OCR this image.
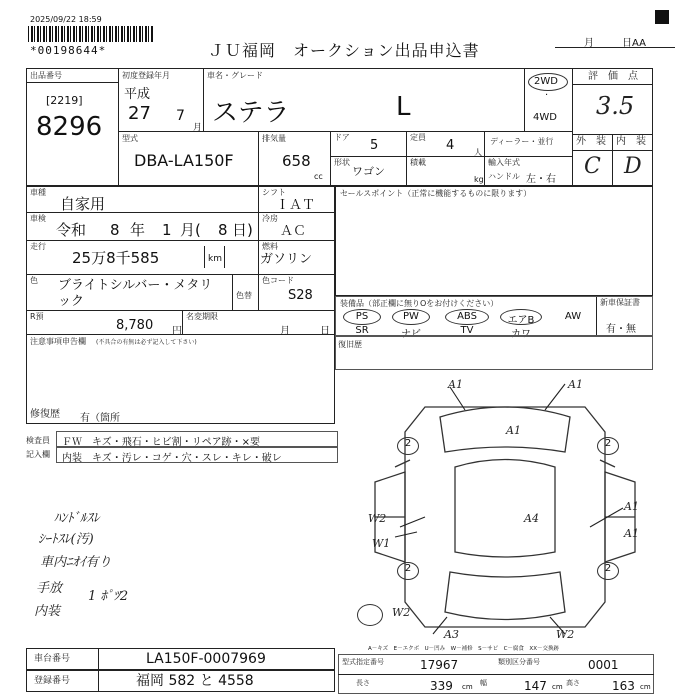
2025/09/22 18:59
*00198644*	ＪＵ福岡　オークション出品申込書	月	日AA
出品番号
[2219]
8296
初度登録年月
平成
27 7
月
車名・グレード
ステラ	L
2WD
·
4WD
評　価　点
3.5
型式
DBA-LA150F
排気量
658
cc
ドア
5
定員
4 人
ディーラー・並行
形状
ワゴン
積載
kg
輸入年式
ハンドル 左・右
外　装 内　装
C D
車種
自家用
シフト
ＩＡＴ
車検
令和 8 年 1 月( 8 日)
冷房
ＡＣ
走行
25万8千585	km
燃料
ガソリン
セールスポイント（正常に機能するものに限ります）
色 ブライトシルバー・メタリ
ック	色替
色コード
S28
R預
8,780 円
名変期限
月	日
注意事項申告欄 (不具合の有無は必ず記入して下さい)
修復歴 有（箇所
装備品（部正欄に無りOをお付けください）	新車保証書
有・無
PS	PW	ABS	エアB	AW
SR	ナビ	TV	カワ
復旧歴
検査員
記入欄
ＦＷ　キズ・飛石・ヒビ割・リペア跡・×要
内装　キズ・汚レ・コゲ・穴・スレ・キレ・破レ
ﾊﾝﾄﾞﾙｽﾚ
ｼｰﾄｽﾚ(汚)
車内ﾆｵｲ有り
手放
内装
1 ﾎﾟﾂ2
2	2
2	2
A1	A1
A1
A1
A4
A1
W2
W1
W2
A3	W2
A－キズ　E－エクボ　U－凹み　W－補修　S－サビ　C－腐食　XX－交換跡
車台番号	LA150F-0007969
登録番号	福岡 582 と 4558
型式指定番号	17967	類別区分番号	0001
長さ	339 cm 幅	147 cm 高さ	163 cm
